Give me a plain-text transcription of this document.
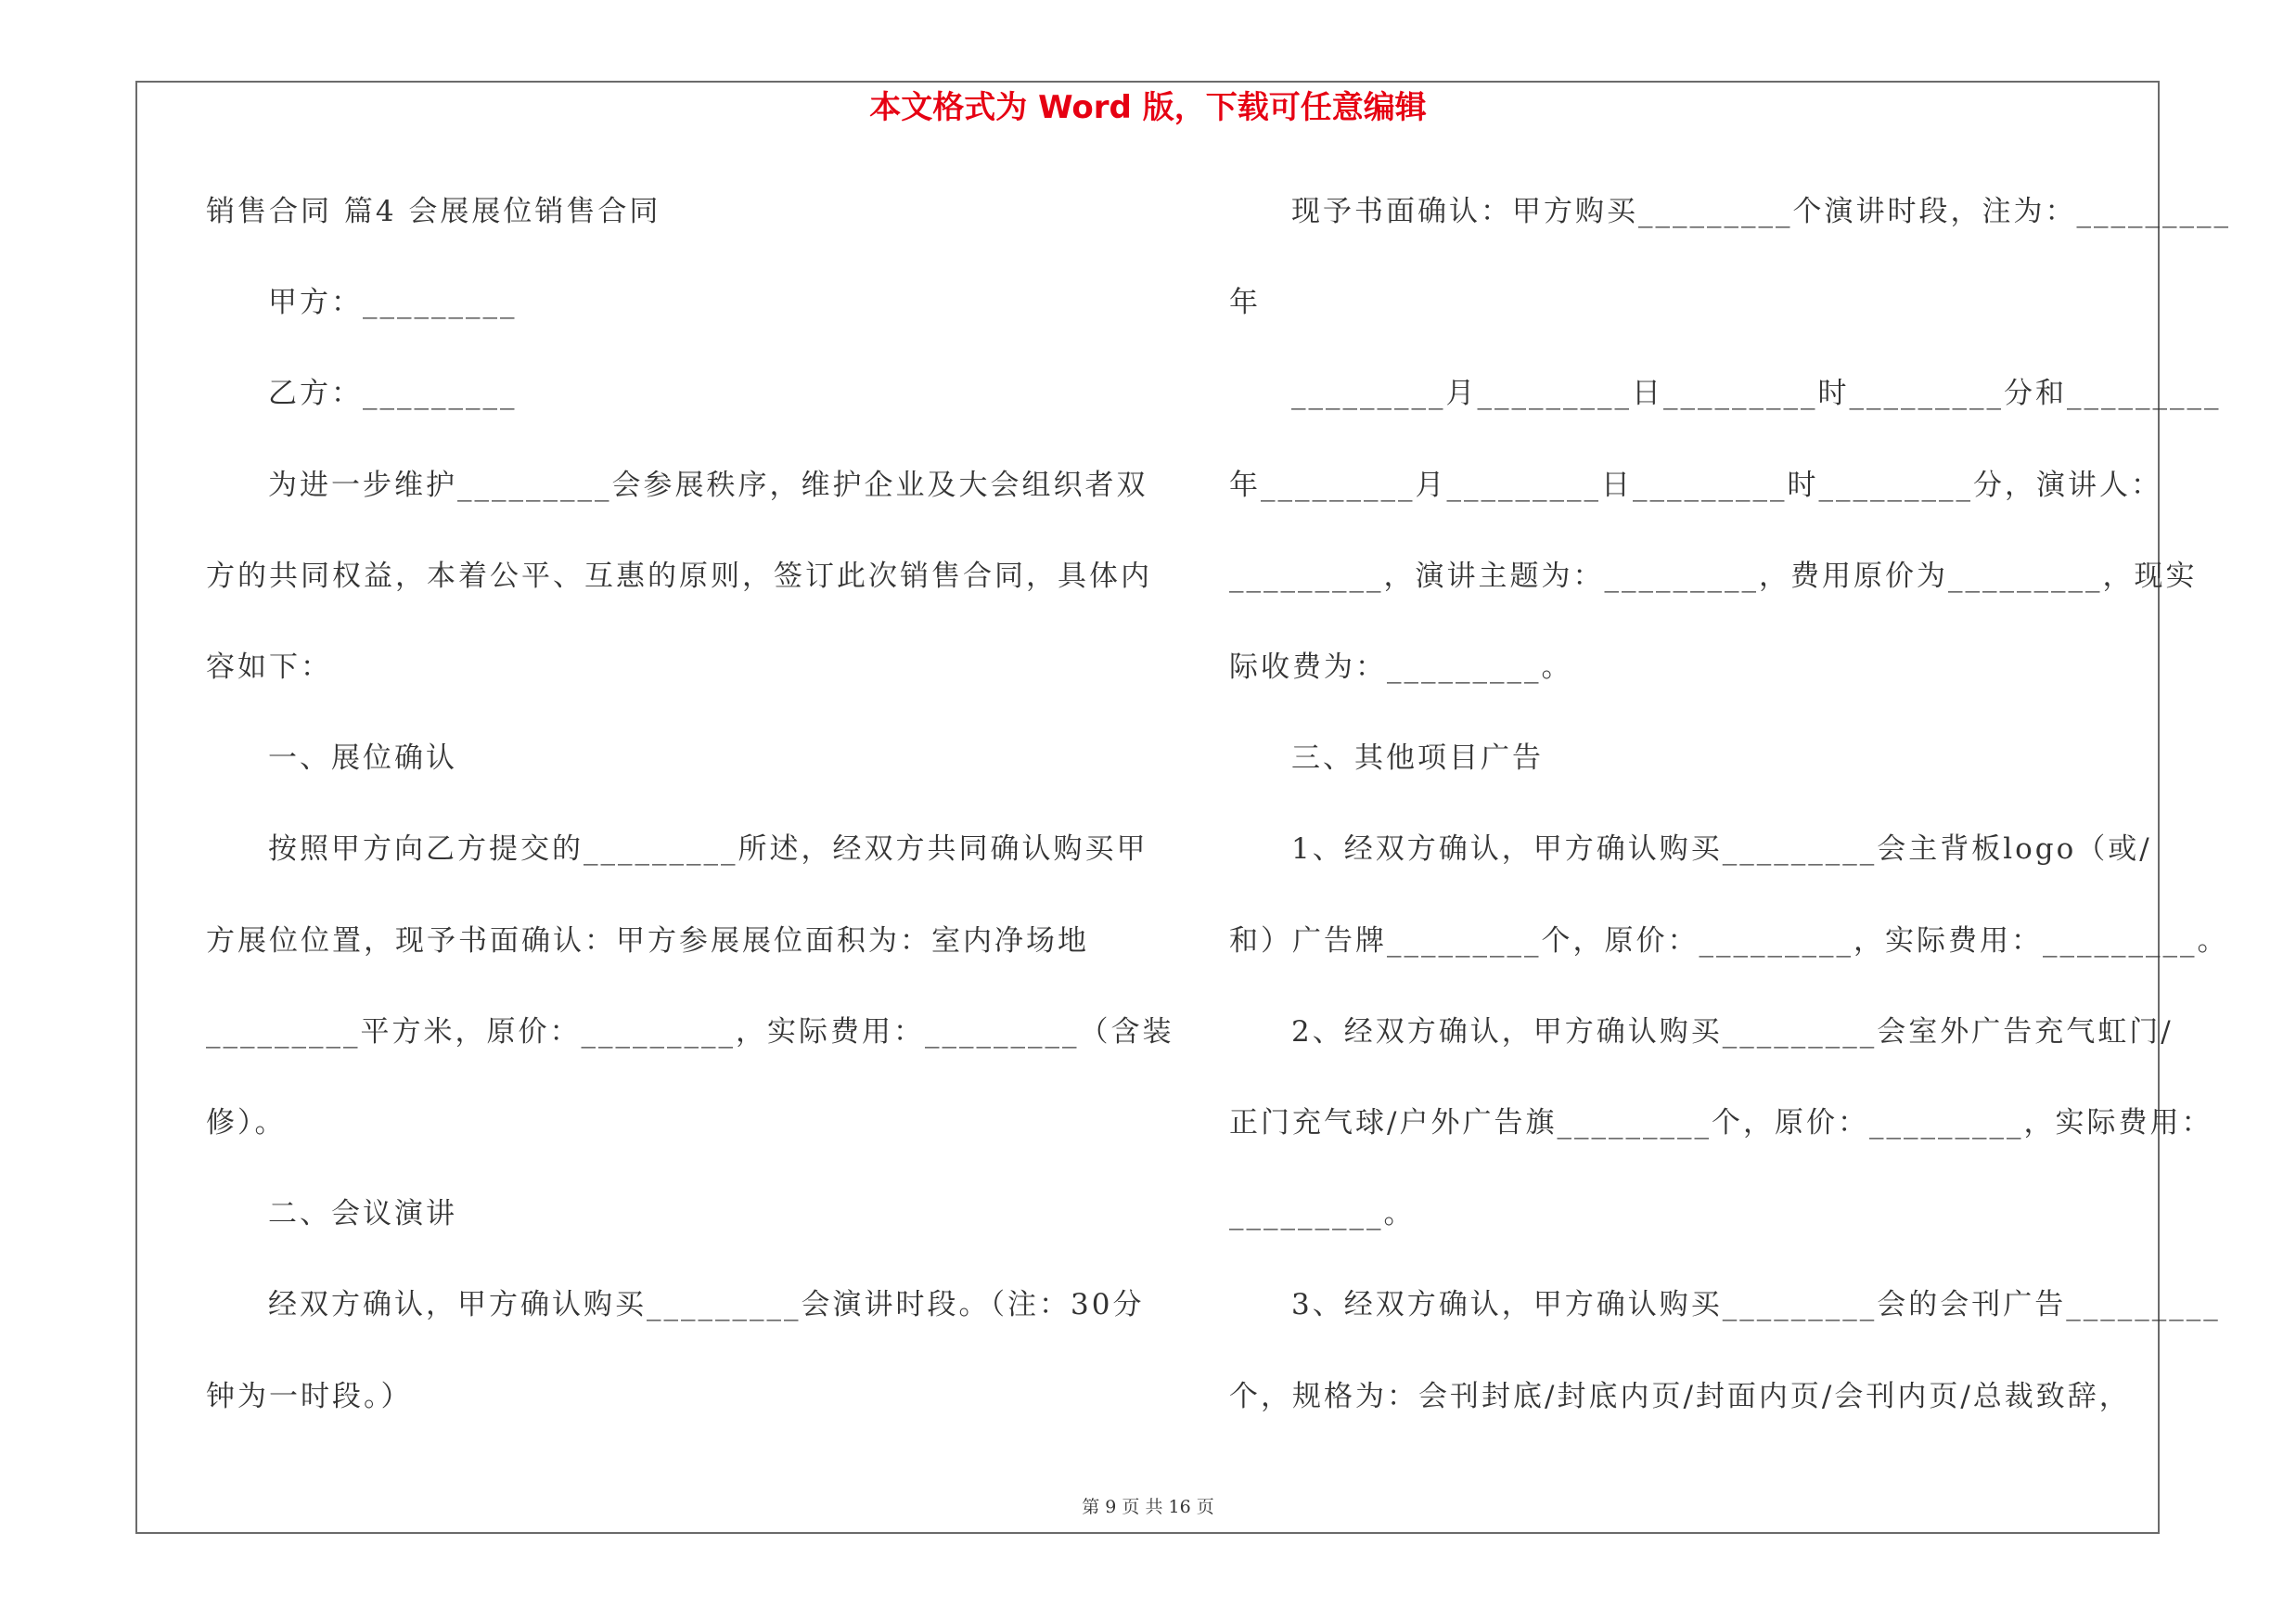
本文格式为 Word 版，下载可任意编辑
销售合同 篇4 会展展位销售合同
甲方：_________
乙方：_________
为进一步维护_________会参展秩序，维护企业及大会组织者双
方的共同权益，本着公平、互惠的原则，签订此次销售合同，具体内
容如下：
一、展位确认
按照甲方向乙方提交的_________所述，经双方共同确认购买甲
方展位位置，现予书面确认：甲方参展展位面积为：室内净场地
_________平方米，原价：_________，实际费用：_________（含装
修）。
二、会议演讲
经双方确认，甲方确认购买_________会演讲时段。（注：30分
钟为一时段。）
现予书面确认：甲方购买_________个演讲时段，注为：_________
年
_________月_________日_________时_________分和_________
年_________月_________日_________时_________分，演讲人：
_________，演讲主题为：_________，费用原价为_________，现实
际收费为：_________。
三、其他项目广告
1、经双方确认，甲方确认购买_________会主背板logo（或/
和）广告牌_________个，原价：_________，实际费用：_________。
2、经双方确认，甲方确认购买_________会室外广告充气虹门/
正门充气球/户外广告旗_________个，原价：_________，实际费用：
_________。
3、经双方确认，甲方确认购买_________会的会刊广告_________
个，规格为：会刊封底/封底内页/封面内页/会刊内页/总裁致辞，
第 9 页 共 16 页
